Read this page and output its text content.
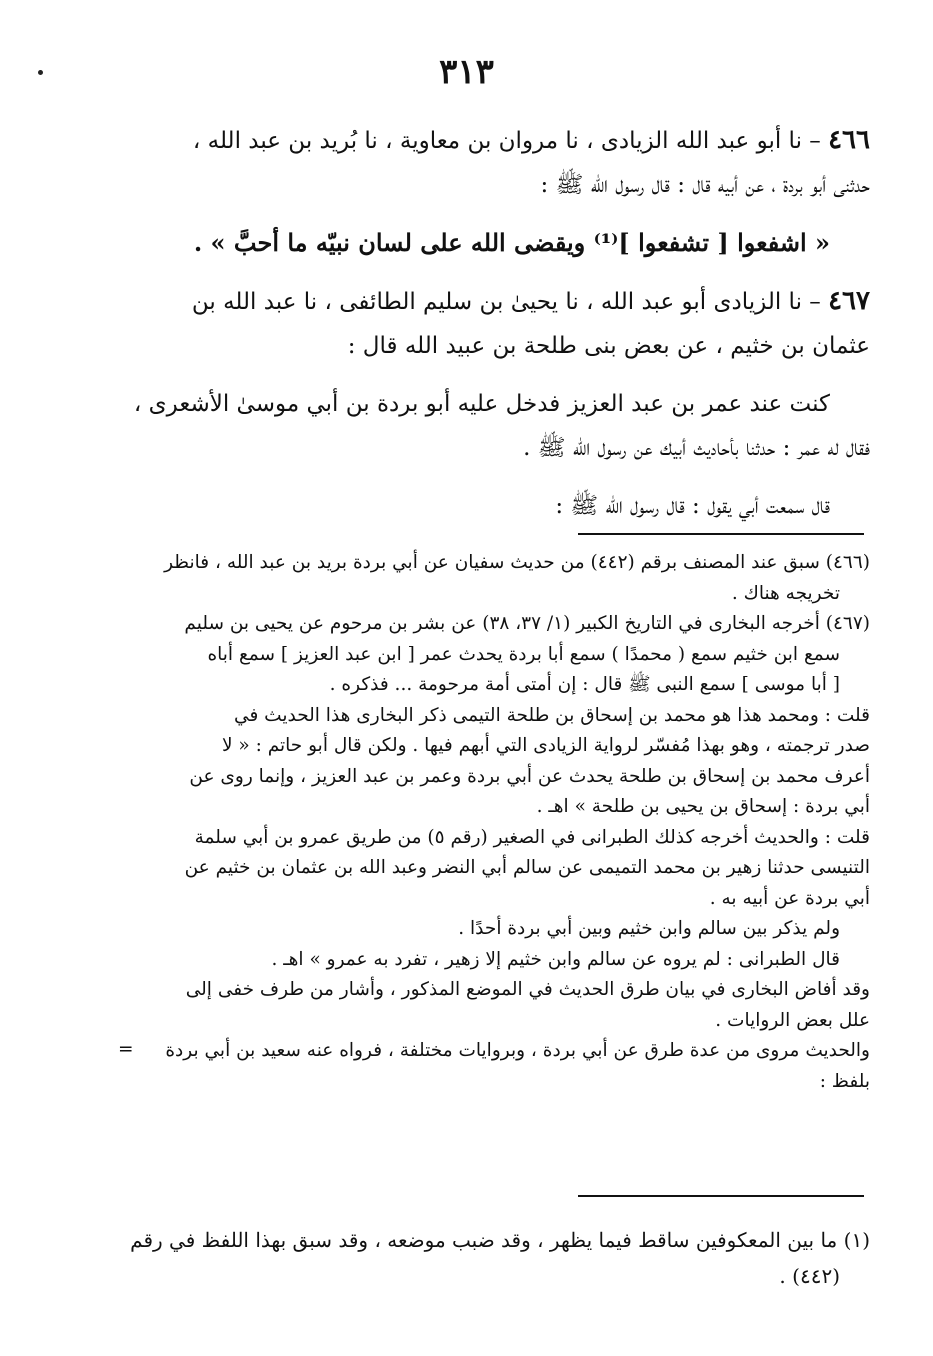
٣١٣
٤٦٦ – نا أبو عبد الله الزيادى ، نا مروان بن معاوية ، نا بُريد بن عبد الله ،
حدثنى أبو بردة ، عن أبيه قال : قال رسول الله ﷺ :
« اشفعوا [ تشفعوا ]⁽¹⁾ ويقضى الله على لسان نبيّه ما أحبَّ » .
٤٦٧ – نا الزيادى أبو عبد الله ، نا يحيىٰ بن سليم الطائفى ، نا عبد الله بن
عثمان بن خثيم ، عن بعض بنى طلحة بن عبيد الله قال :
كنت عند عمر بن عبد العزيز فدخل عليه أبو بردة بن أبي موسىٰ الأشعرى ،
فقال له عمر : حدثنا بأحاديث أبيك عن رسول الله ﷺ .
قال سمعت أبي يقول : قال رسول الله ﷺ :
(٤٦٦) سبق عند المصنف برقم (٤٤٢) من حديث سفيان عن أبي بردة بريد بن عبد الله ، فانظر
تخريجه هناك .
(٤٦٧) أخرجه البخارى في التاريخ الكبير (١/ ٣٧، ٣٨) عن بشر بن مرحوم عن يحيى بن سليم
سمع ابن خثيم سمع ( محمدًا ) سمع أبا بردة يحدث عمر [ ابن عبد العزيز ] سمع أباه
[ أبا موسى ] سمع النبى ﷺ قال : إن أمتى أمة مرحومة ... فذكره .
قلت : ومحمد هذا هو محمد بن إسحاق بن طلحة التيمى ذكر البخارى هذا الحديث في
صدر ترجمته ، وهو بهذا مُفسّر لرواية الزيادى التي أبهم فيها . ولكن قال أبو حاتم : « لا
أعرف محمد بن إسحاق بن طلحة يحدث عن أبي بردة وعمر بن عبد العزيز ، وإنما روى عن
أبي بردة : إسحاق بن يحيى بن طلحة » اهـ .
قلت : والحديث أخرجه كذلك الطبرانى في الصغير (رقم ٥) من طريق عمرو بن أبي سلمة
التنيسى حدثنا زهير بن محمد التميمى عن سالم أبي النضر وعبد الله بن عثمان بن خثيم عن
أبي بردة عن أبيه به .
ولم يذكر بين سالم وابن خثيم وبين أبي بردة أحدًا .
قال الطبرانى : لم يروه عن سالم وابن خثيم إلا زهير ، تفرد به عمرو » اهـ .
وقد أفاض البخارى في بيان طرق الحديث في الموضع المذكور ، وأشار من طرف خفى إلى
علل بعض الروايات .
والحديث مروى من عدة طرق عن أبي بردة ، وبروايات مختلفة ، فرواه عنه سعيد بن أبي بردة
بلفظ :
=
(١) ما بين المعكوفين ساقط فيما يظهر ، وقد ضبب موضعه ، وقد سبق بهذا اللفظ في رقم
(٤٤٢) .
